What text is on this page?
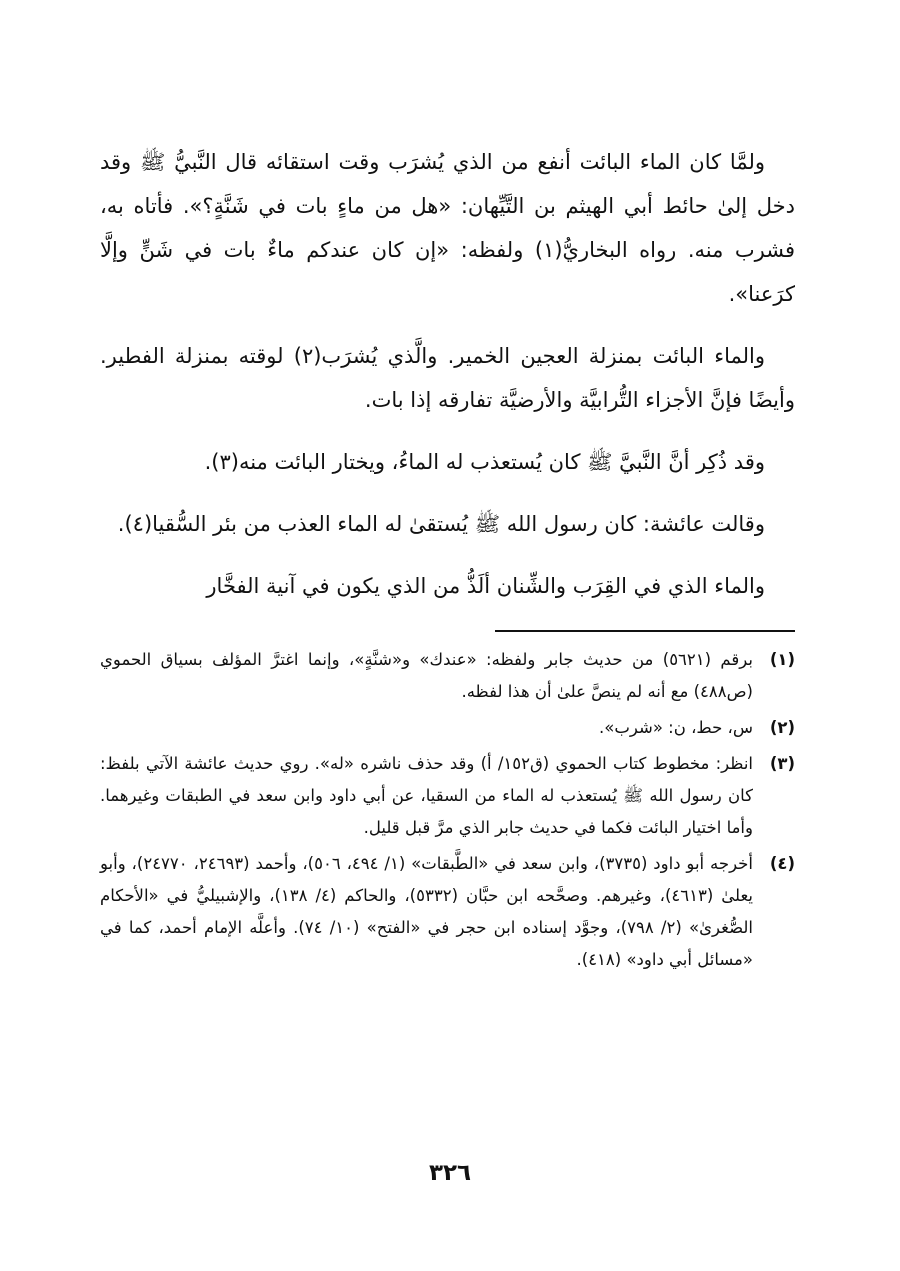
ولمَّا كان الماء البائت أنفع من الذي يُشرَب وقت استقائه قال النَّبيُّ ﷺ وقد دخل إلىٰ حائط أبي الهيثم بن التَّيِّهان: «هل من ماءٍ بات في شَنَّةٍ؟». فأتاه به، فشرب منه. رواه البخاريُّ(١) ولفظه: «إن كان عندكم ماءٌ بات في شَنٍّ وإلَّا كرَعنا».

والماء البائت بمنزلة العجين الخمير. والَّذي يُشرَب(٢) لوقته بمنزلة الفطير. وأيضًا فإنَّ الأجزاء التُّرابيَّة والأرضيَّة تفارقه إذا بات.

وقد ذُكِر أنَّ النَّبيَّ ﷺ كان يُستعذب له الماءُ، ويختار البائت منه(٣).

وقالت عائشة: كان رسول الله ﷺ يُستقىٰ له الماء العذب من بئر السُّقيا(٤).

والماء الذي في القِرَب والشِّنان ألَذُّ من الذي يكون في آنية الفخَّار

(١)
برقم (٥٦٢١) من حديث جابر ولفظه: «عندك» و«شنَّةٍ»، وإنما اغترَّ المؤلف بسياق الحموي (ص٤٨٨) مع أنه لم ينصَّ علىٰ أن هذا لفظه.
(٢)
س، حط، ن: «شرب».
(٣)
انظر: مخطوط كتاب الحموي (ق١٥٢/ أ) وقد حذف ناشره «له». روي حديث عائشة الآتي بلفظ: كان رسول الله ﷺ يُستعذب له الماء من السقيا، عن أبي داود وابن سعد في الطبقات وغيرهما. وأما اختيار البائت فكما في حديث جابر الذي مرَّ قبل قليل.
(٤)
أخرجه أبو داود (٣٧٣٥)، وابن سعد في «الطَّبقات» (١/ ٤٩٤، ٥٠٦)، وأحمد (٢٤٦٩٣، ٢٤٧٧٠)، وأبو يعلىٰ (٤٦١٣)، وغيرهم. وصحَّحه ابن حبَّان (٥٣٣٢)، والحاكم (٤/ ١٣٨)، والإشبيليُّ في «الأحكام الصُّغرىٰ» (٢/ ٧٩٨)، وجوَّد إسناده ابن حجر في «الفتح» (١٠/ ٧٤). وأعلَّه الإمام أحمد، كما في «مسائل أبي داود» (٤١٨).
٣٢٦
